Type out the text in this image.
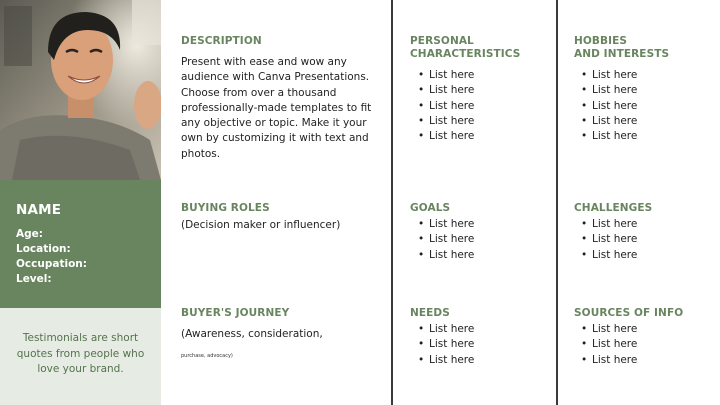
NAME
Age:
Location:
Occupation:
Level:
Testimonials are short quotes from people who love your brand.
DESCRIPTION
Present with ease and wow any audience with Canva Presentations. Choose from over a thousand professionally-made templates to fit any objective or topic. Make it your own by customizing it with text and photos.
BUYING ROLES
(Decision maker or influencer)
BUYER'S JOURNEY
(Awareness, consideration,
purchase, advocacy)
PERSONAL
CHARACTERISTICS
• List here
• List here
• List here
• List here
• List here
GOALS
• List here
• List here
• List here
NEEDS
• List here
• List here
• List here
HOBBIES
AND INTERESTS
• List here
• List here
• List here
• List here
• List here
CHALLENGES
• List here
• List here
• List here
SOURCES OF INFO
• List here
• List here
• List here
